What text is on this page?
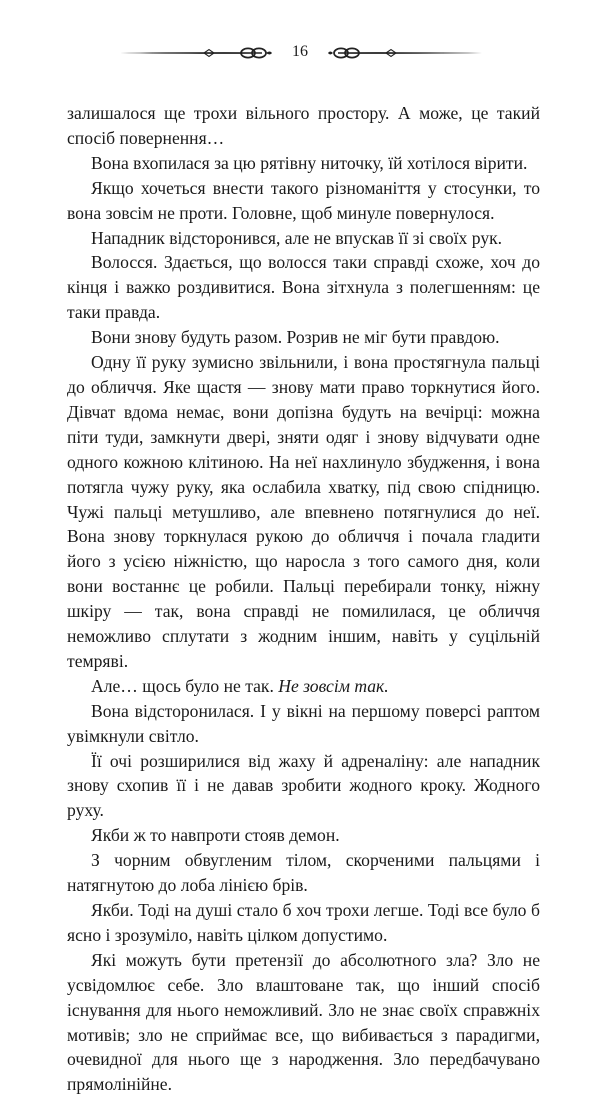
16

залишалося ще трохи вільного простору. А може, це такий спосіб повернення…

Вона вхопилася за цю рятівну ниточку, їй хотілося вірити.

Якщо хочеться внести такого різноманіття у стосунки, то вона зовсім не проти. Головне, щоб минуле повернулося.

Нападник відсторонився, але не впускав її зі своїх рук.

Волосся. Здається, що волосся таки справді схоже, хоч до кінця і важко роздивитися. Вона зітхнула з полегшенням: це таки правда.

Вони знову будуть разом. Розрив не міг бути правдою.

Одну її руку зумисно звільнили, і вона простягнула пальці до обличчя. Яке щастя — знову мати право торкнутися його. Дівчат вдома немає, вони допізна будуть на вечірці: можна піти туди, замкнути двері, зняти одяг і знову відчувати одне одного кожною клітиною. На неї нахлинуло збудження, і вона потягла чужу руку, яка ослабила хватку, під свою спідницю. Чужі пальці метушливо, але впевнено потягнулися до неї. Вона знову торкнулася рукою до обличчя і почала гладити його з усією ніжністю, що наросла з того самого дня, коли вони востаннє це робили. Пальці перебирали тонку, ніжну шкіру — так, вона справді не помилилася, це обличчя неможливо сплутати з жодним іншим, навіть у суцільній темряві.

Але… щось було не так. Не зовсім так.

Вона відсторонилася. І у вікні на першому поверсі раптом увімкнули світло.

Її очі розширилися від жаху й адреналіну: але нападник знову схопив її і не давав зробити жодного кроку. Жодного руху.

Якби ж то навпроти стояв демон.

З чорним обвугленим тілом, скорченими пальцями і натягнутою до лоба лінією брів.

Якби. Тоді на душі стало б хоч трохи легше. Тоді все було б ясно і зрозуміло, навіть цілком допустимо.

Які можуть бути претензії до абсолютного зла? Зло не усвідомлює себе. Зло влаштоване так, що інший спосіб існування для нього неможливий. Зло не знає своїх справжніх мотивів; зло не сприймає все, що вибивається з парадигми, очевидної для нього ще з народження. Зло передбачувано прямолінійне.
